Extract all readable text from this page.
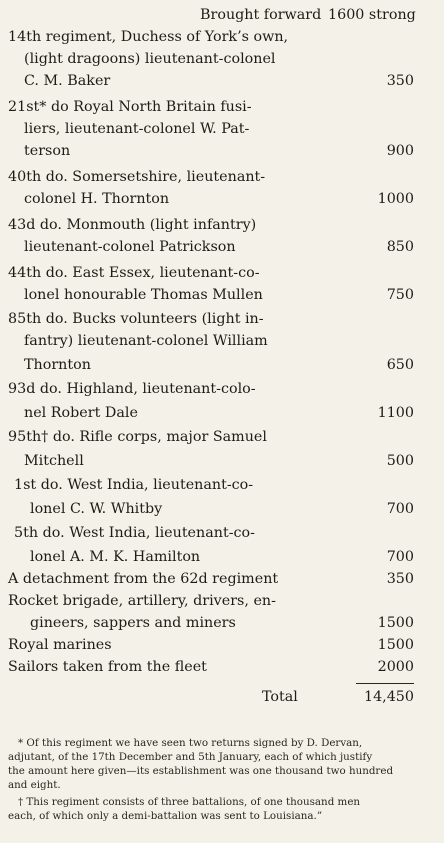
Brought forward 1600 strong
14th regiment, Duchess of York’s own,
(light dragoons) lieutenant-colonel
C. M. Baker	350
21st* do Royal North Britain fusi-
liers, lieutenant-colonel W. Pat-
terson	900
40th do. Somersetshire, lieutenant-
colonel H. Thornton	1000
43d do. Monmouth (light infantry)
lieutenant-colonel Patrickson	850
44th do. East Essex, lieutenant-co-
lonel honourable Thomas Mullen	750
85th do. Bucks volunteers (light in-
fantry) lieutenant-colonel William
Thornton	650
93d do. Highland, lieutenant-colo-
nel Robert Dale	1100
95th† do. Rifle corps, major Samuel
Mitchell	500
1st do. West India, lieutenant-co-
lonel C. W. Whitby	700
5th do. West India, lieutenant-co-
lonel A. M. K. Hamilton	700
A detachment from the 62d regiment	350
Rocket brigade, artillery, drivers, en-
gineers, sappers and miners	1500
Royal marines	1500
Sailors taken from the fleet	2000
Total	14,450
* Of this regiment we have seen two returns signed by D. Dervan,
adjutant, of the 17th December and 5th January, each of which justify
the amount here given—its establishment was one thousand two hundred
and eight.
† This regiment consists of three battalions, of one thousand men
each, of which only a demi-battalion was sent to Louisiana.”
